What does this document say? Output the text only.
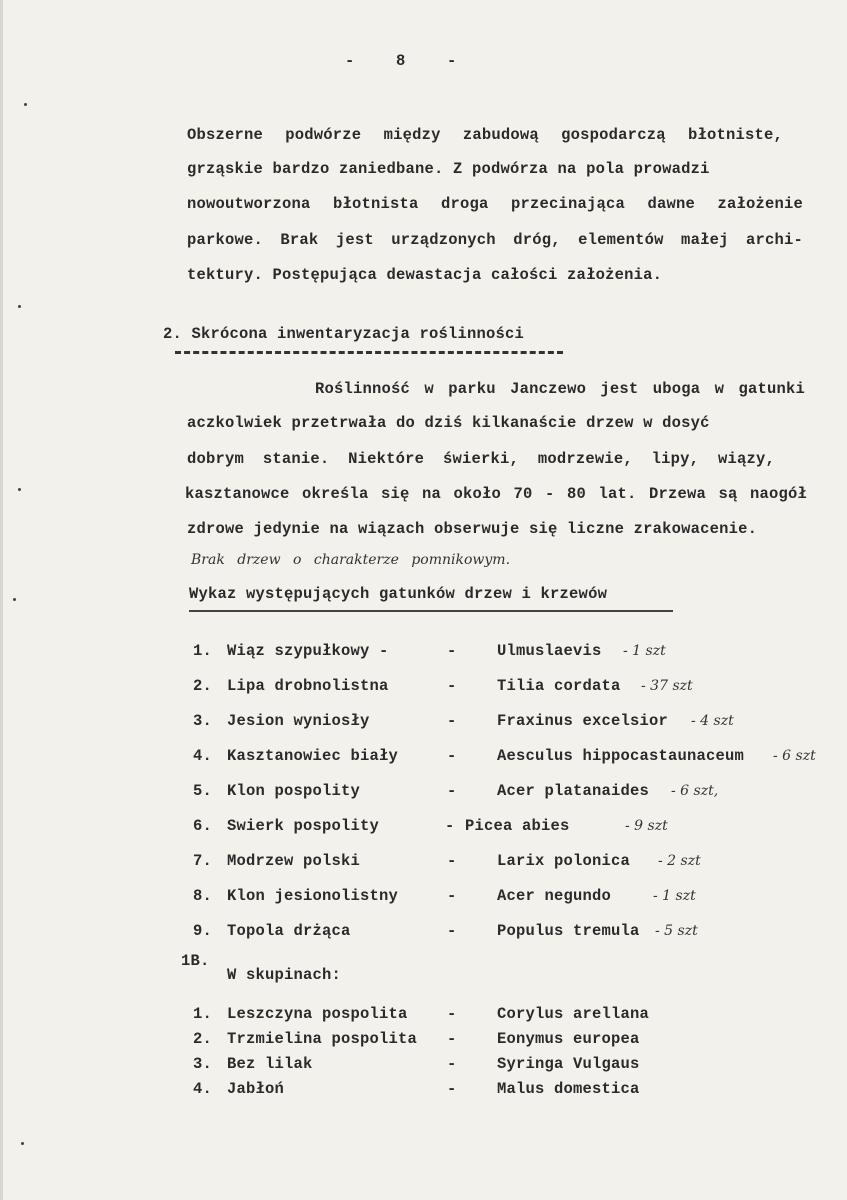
- 8 -
Obszerne podwórze między zabudową gospodarczą błotniste,
grząskie bardzo zaniedbane. Z podwórza na pola prowadzi
nowoutworzona błotnista droga przecinająca dawne założenie
parkowe. Brak jest urządzonych dróg, elementów małej archi-
tektury. Postępująca dewastacja całości założenia.
2. Skrócona inwentaryzacja roślinności
Roślinność w parku Janczewo jest uboga w gatunki
aczkolwiek przetrwała do dziś kilkanaście drzew w dosyć
dobrym stanie. Niektóre świerki, modrzewie, lipy, wiązy,
kasztanowce określa się na około 70 - 80 lat. Drzewa są naogół
zdrowe jedynie na wiązach obserwuje się liczne zrakowacenie.
Brak drzew o charakterze pomnikowym.
Wykaz występujących gatunków drzew i krzewów
1. Wiąz szypułkowy -	-	Ulmuslaevis - 1 szt
2. Lipa drobnolistna	-	Tilia cordata - 37 szt
3. Jesion wyniosły	-	Fraxinus excelsior - 4 szt
4. Kasztanowiec biały	-	Aesculus hippocastaunaceum - 6 szt
5. Klon pospolity	-	Acer platanaides - 6 szt,
6. Swierk pospolity	- Picea abies	- 9 szt
7. Modrzew polski	-	Larix polonica - 2 szt
8. Klon jesionolistny	-	Acer negundo	- 1 szt
9. Topola drżąca	-	Populus tremula - 5 szt
1B.
W skupinach:
1. Leszczyna pospolita	-	Corylus arellana
2. Trzmielina pospolita -	Eonymus europea
3. Bez lilak	-	Syringa Vulgaus
4. Jabłoń	-	Malus domestica
